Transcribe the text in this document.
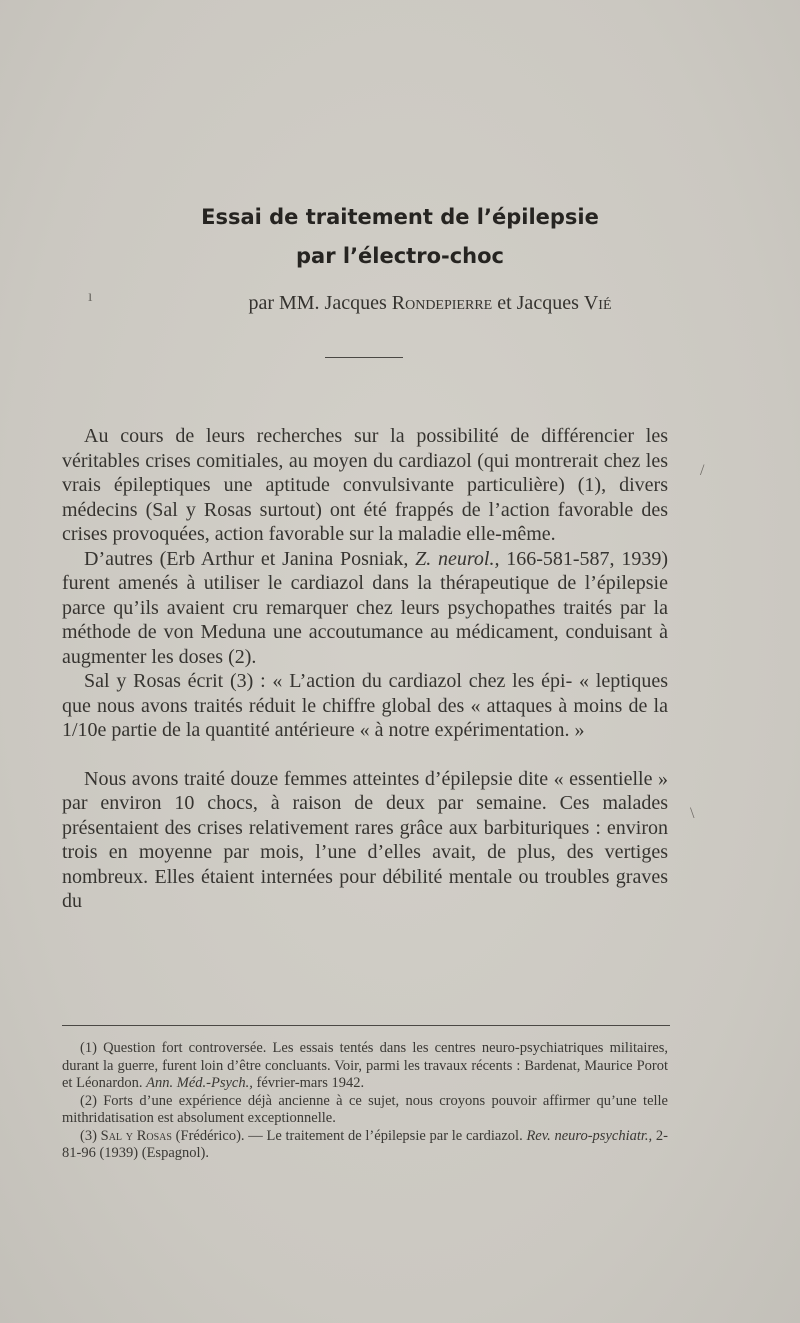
ı
/
\
Essai de traitement de l’épilepsie
par l’électro-choc
par MM. Jacques Rondepierre et Jacques Vié

Au cours de leurs recherches sur la possibilité de différencier les véritables crises comitiales, au moyen du cardiazol (qui montrerait chez les vrais épileptiques une aptitude convulsivante particulière) (1), divers médecins (Sal y Rosas surtout) ont été frappés de l’action favorable des crises provoquées, action favorable sur la maladie elle-même.

D’autres (Erb Arthur et Janina Posniak, Z. neurol., 166-581-587, 1939) furent amenés à utiliser le cardiazol dans la thérapeutique de l’épilepsie parce qu’ils avaient cru remarquer chez leurs psychopathes traités par la méthode de von Meduna une accoutumance au médicament, conduisant à augmenter les doses (2).

Sal y Rosas écrit (3) : « L’action du cardiazol chez les épi- « leptiques que nous avons traités réduit le chiffre global des « attaques à moins de la 1/10e partie de la quantité antérieure « à notre expérimentation. »

Nous avons traité douze femmes atteintes d’épilepsie dite « essentielle » par environ 10 chocs, à raison de deux par semaine. Ces malades présentaient des crises relativement rares grâce aux barbituriques : environ trois en moyenne par mois, l’une d’elles avait, de plus, des vertiges nombreux. Elles étaient internées pour débilité mentale ou troubles graves du

(1) Question fort controversée. Les essais tentés dans les centres neuro-psychiatriques militaires, durant la guerre, furent loin d’être concluants. Voir, parmi les travaux récents : Bardenat, Maurice Porot et Léonardon. Ann. Méd.-Psych., février-mars 1942.

(2) Forts d’une expérience déjà ancienne à ce sujet, nous croyons pouvoir affirmer qu’une telle mithridatisation est absolument exceptionnelle.

(3) Sal y Rosas (Frédérico). — Le traitement de l’épilepsie par le cardiazol. Rev. neuro-psychiatr., 2-81-96 (1939) (Espagnol).
